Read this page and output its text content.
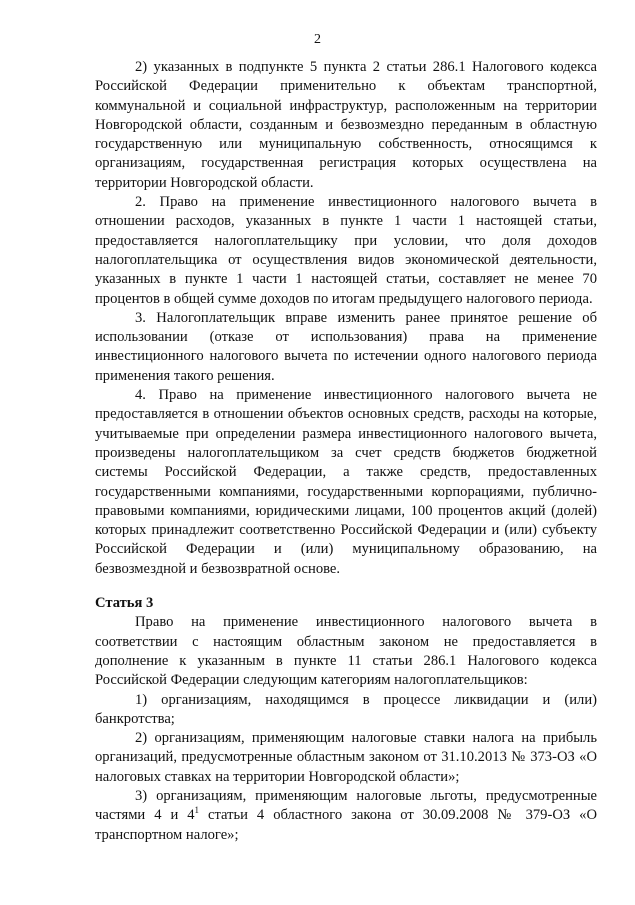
2

2) указанных в подпункте 5 пункта 2 статьи 286.1 Налогового кодекса Российской Федерации применительно к объектам транспортной, коммунальной и социальной инфраструктур, расположенным на территории Новгородской области, созданным и безвозмездно переданным в областную государственную или муниципальную собственность, относящимся к организациям, государственная регистрация которых осуществлена на территории Новгородской области.

2. Право на применение инвестиционного налогового вычета в отношении расходов, указанных в пункте 1 части 1 настоящей статьи, предоставляется налогоплательщику при условии, что доля доходов налогоплательщика от осуществления видов экономической деятельности, указанных в пункте 1 части 1 настоящей статьи, составляет не менее 70 процентов в общей сумме доходов по итогам предыдущего налогового периода.

3. Налогоплательщик вправе изменить ранее принятое решение об использовании (отказе от использования) права на применение инвестиционного налогового вычета по истечении одного налогового периода применения такого решения.

4. Право на применение инвестиционного налогового вычета не предоставляется в отношении объектов основных средств, расходы на которые, учитываемые при определении размера инвестиционного налогового вычета, произведены налогоплательщиком за счет средств бюджетов бюджетной системы Российской Федерации, а также средств, предоставленных государственными компаниями, государственными корпорациями, публично-правовыми компаниями, юридическими лицами, 100 процентов акций (долей) которых принадлежит соответственно Российской Федерации и (или) субъекту Российской Федерации и (или) муниципальному образованию, на безвозмездной и безвозвратной основе.

Статья 3

Право на применение инвестиционного налогового вычета в соответствии с настоящим областным законом не предоставляется в дополнение к указанным в пункте 11 статьи 286.1 Налогового кодекса Российской Федерации следующим категориям налогоплательщиков:

1) организациям, находящимся в процессе ликвидации и (или) банкротства;

2) организациям, применяющим налоговые ставки налога на прибыль организаций, предусмотренные областным законом от 31.10.2013 № 373-ОЗ «О налоговых ставках на территории Новгородской области»;

3) организациям, применяющим налоговые льготы, предусмотренные частями 4 и $4^1$ статьи 4 областного закона от 30.09.2008 № 379-ОЗ «О транспортном налоге»;
